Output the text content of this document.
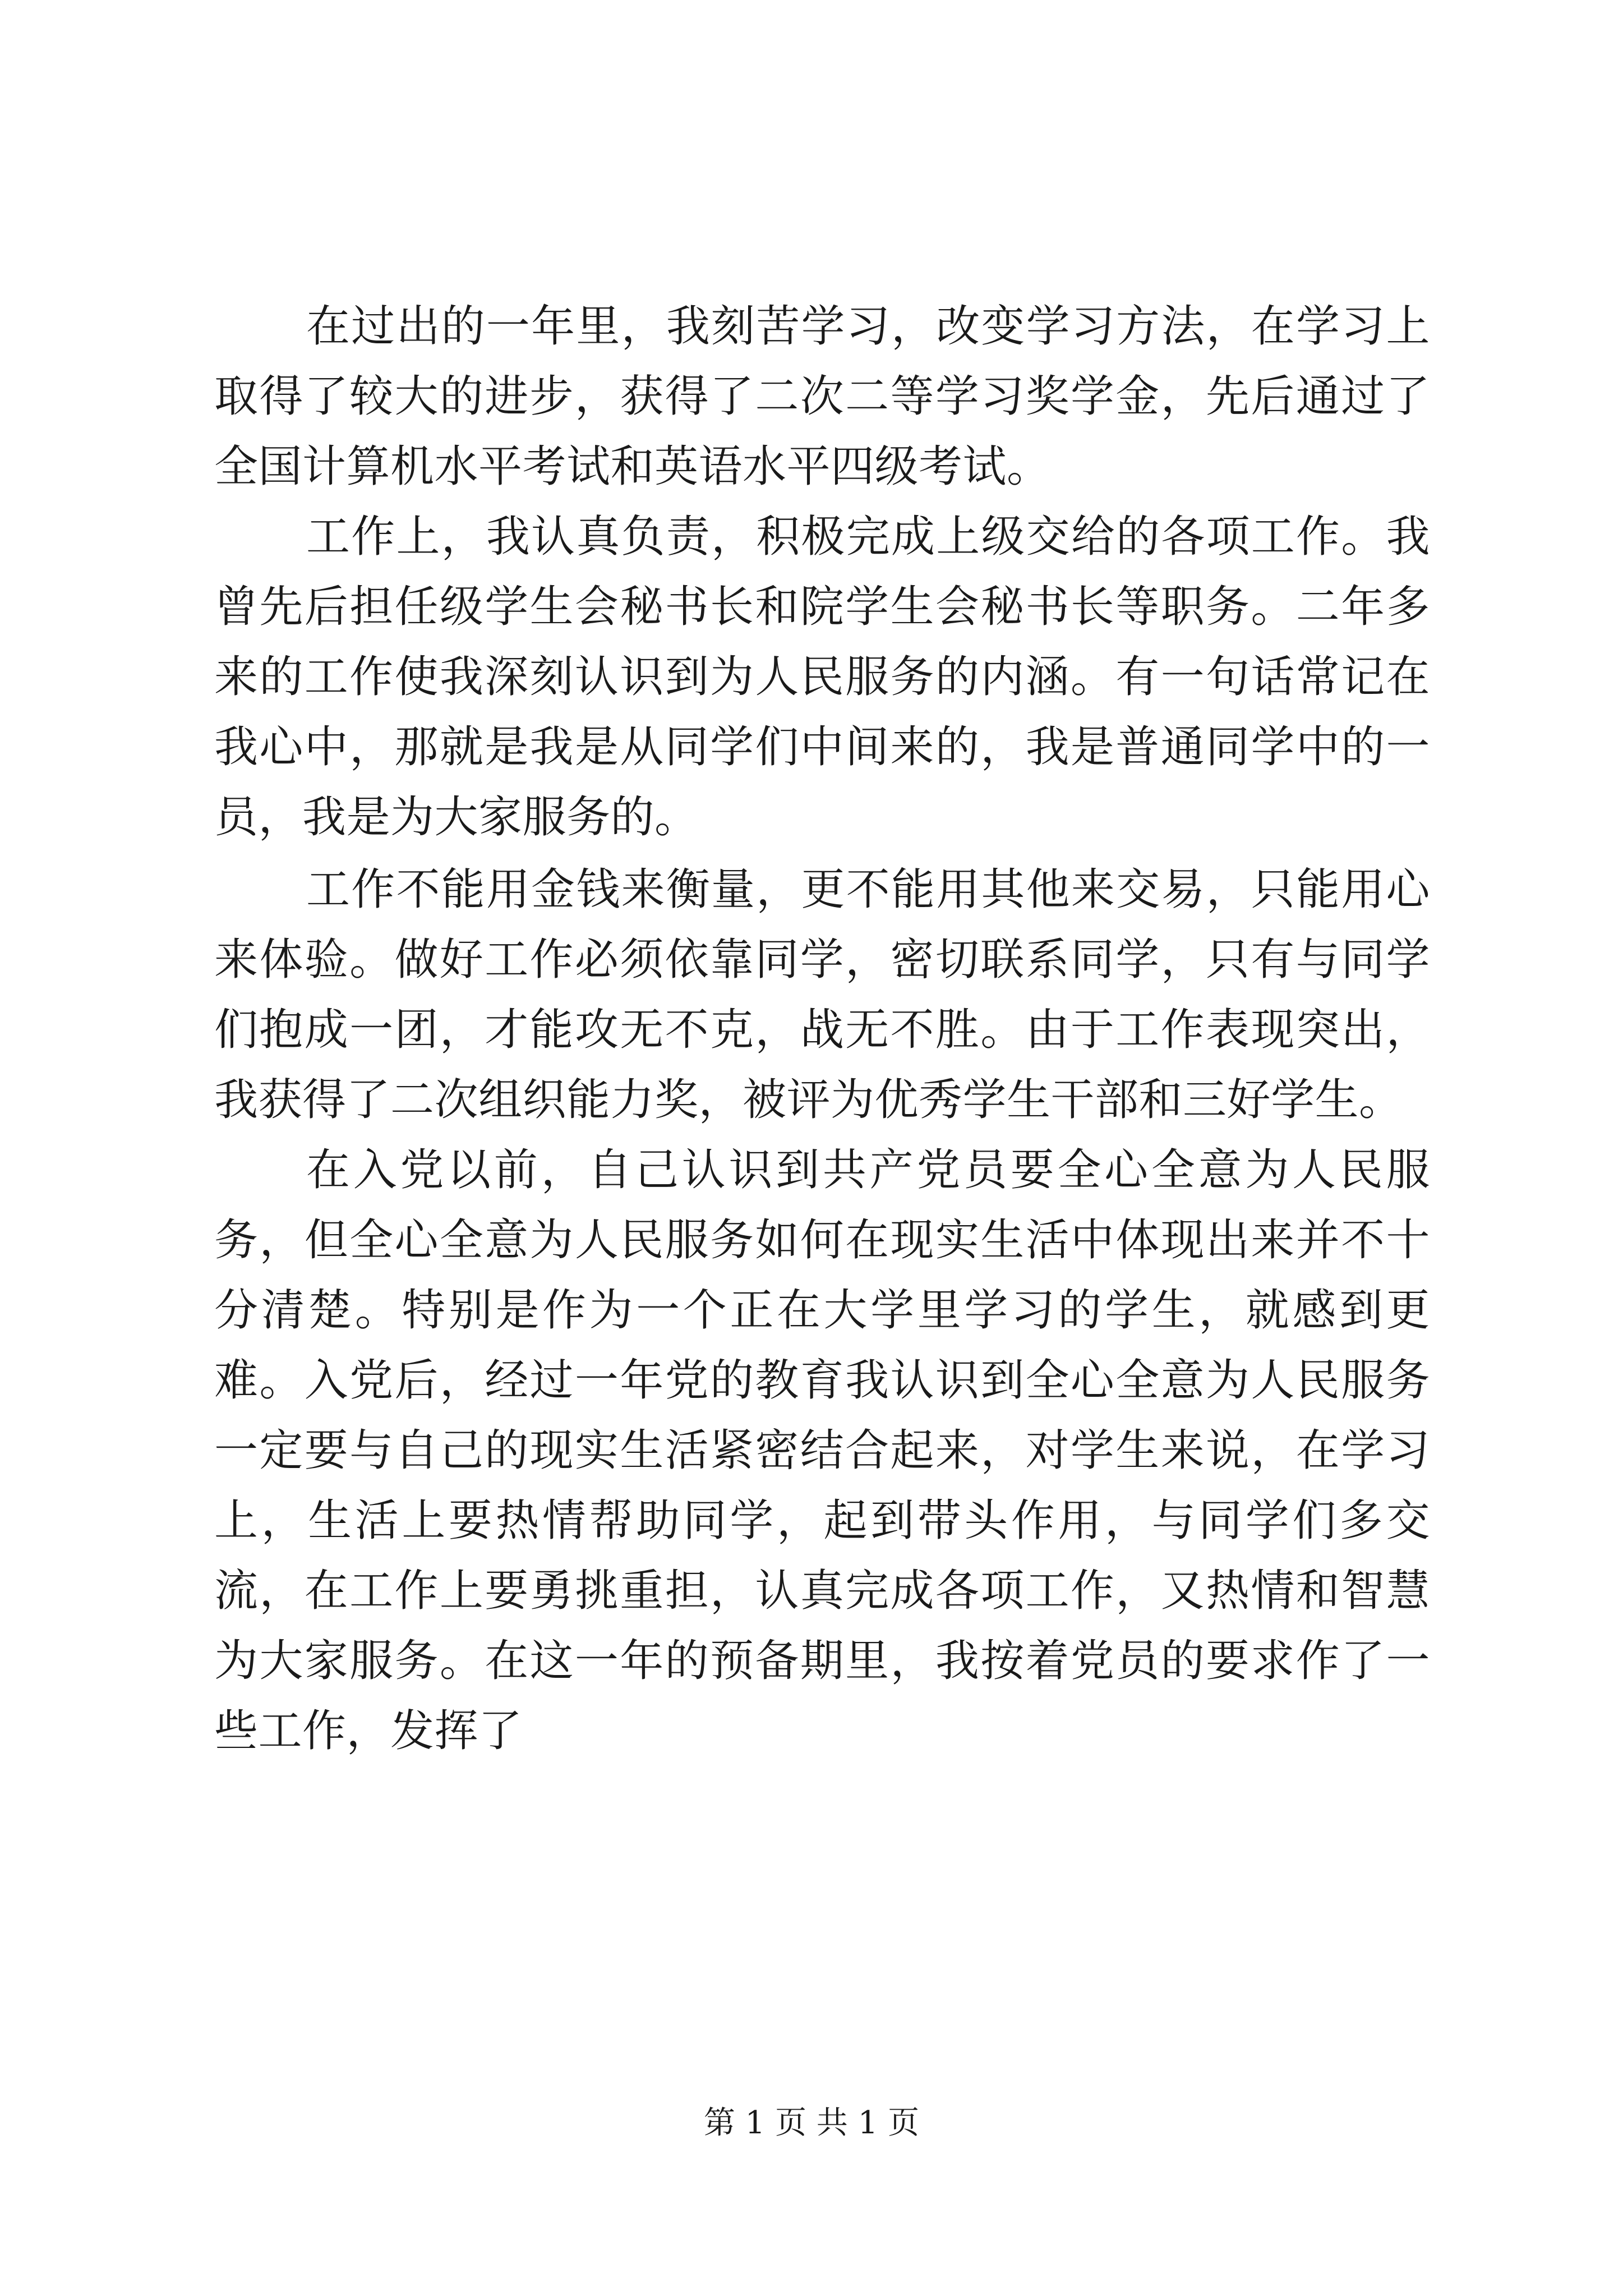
在过出的一年里，我刻苦学习，改变学习方法，在学习上取得了较大的进步，获得了二次二等学习奖学金，先后通过了全国计算机水平考试和英语水平四级考试。

工作上，我认真负责，积极完成上级交给的各项工作。我曾先后担任级学生会秘书长和院学生会秘书长等职务。二年多来的工作使我深刻认识到为人民服务的内涵。有一句话常记在我心中，那就是我是从同学们中间来的，我是普通同学中的一员，我是为大家服务的。

工作不能用金钱来衡量，更不能用其他来交易，只能用心来体验。做好工作必须依靠同学，密切联系同学，只有与同学们抱成一团，才能攻无不克，战无不胜。由于工作表现突出，我获得了二次组织能力奖，被评为优秀学生干部和三好学生。

在入党以前，自己认识到共产党员要全心全意为人民服务，但全心全意为人民服务如何在现实生活中体现出来并不十分清楚。特别是作为一个正在大学里学习的学生，就感到更难。入党后，经过一年党的教育我认识到全心全意为人民服务一定要与自己的现实生活紧密结合起来，对学生来说，在学习上，生活上要热情帮助同学，起到带头作用，与同学们多交流，在工作上要勇挑重担，认真完成各项工作，又热情和智慧为大家服务。在这一年的预备期里，我按着党员的要求作了一些工作，发挥了

第 1 页 共 1 页
